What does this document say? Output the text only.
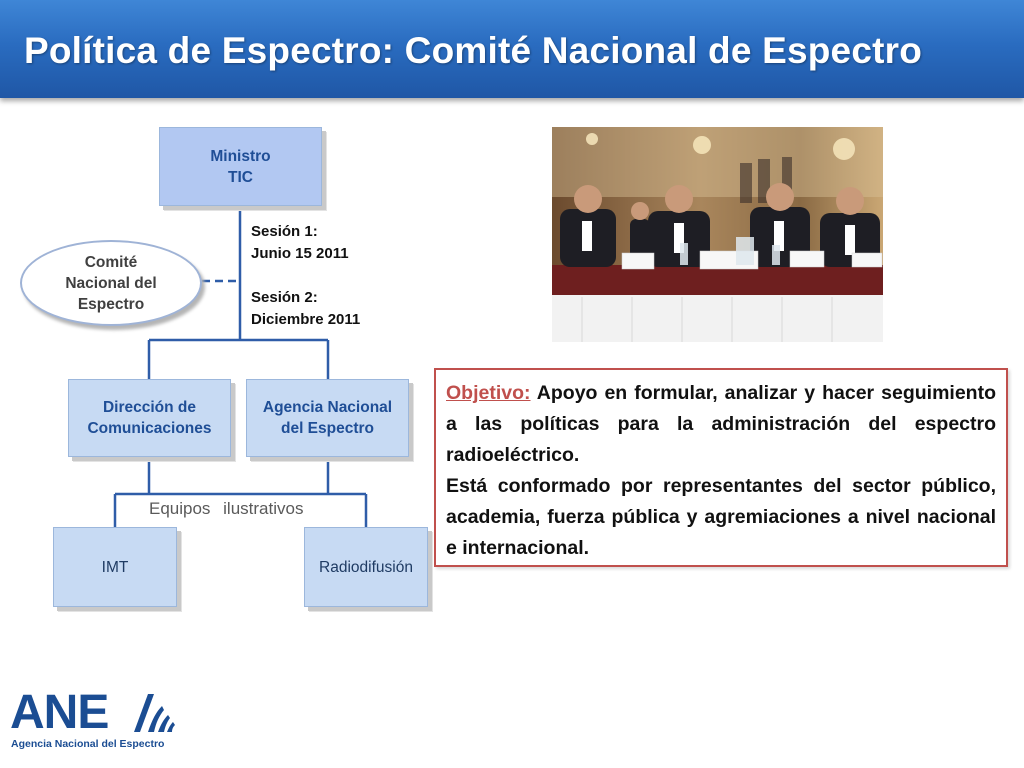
Política de Espectro: Comité Nacional de Espectro
Ministro
TIC
Comité
Nacional del
Espectro
Sesión 1:
Junio 15 2011
Sesión 2:
Diciembre 2011
Dirección de
Comunicaciones
Agencia Nacional
del Espectro
Equipos ilustrativos
IMT	Radiodifusión

Objetivo: Apoyo en formular, analizar y hacer seguimiento a las políticas para la administración del espectro radioeléctrico.

Está conformado por representantes del sector público, academia, fuerza pública y agremiaciones a nivel nacional e internacional.

ANE
Agencia Nacional del Espectro
